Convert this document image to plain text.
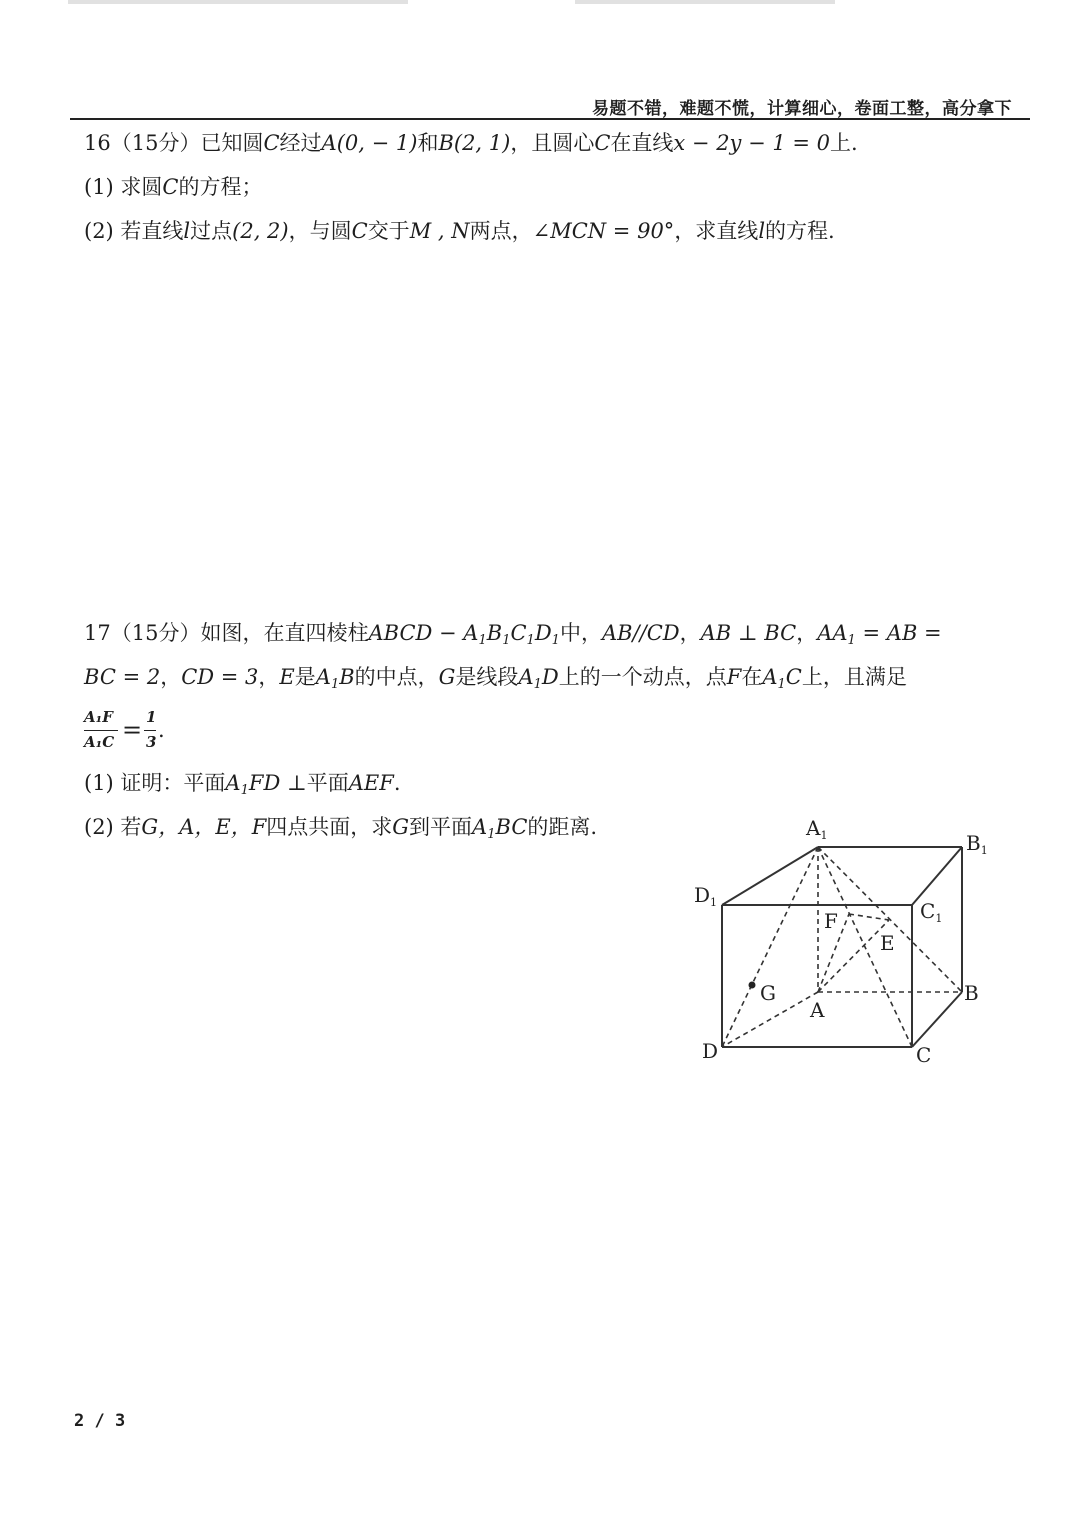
易题不错，难题不慌，计算细心，卷面工整，高分拿下
16（15分）已知圆C经过A(0, − 1)和B(2, 1)，且圆心C在直线x − 2y − 1 = 0上.
(1) 求圆C的方程；
(2) 若直线l过点(2, 2)，与圆C交于M , N两点，∠MCN = 90°，求直线l的方程.
17（15分）如图，在直四棱柱ABCD − $A_1B_1C_1D_1$中，AB//CD，AB ⊥ BC，$AA_1$ = AB =
BC = 2，CD = 3，E是$A_1B$的中点，G是线段$A_1D$上的一个动点，点F在$A_1C$上，且满足
A₁F
A₁C = 1
3 .
(1) 证明：平面$A_1FD$ ⊥平面AEF.
(2) 若G，A，E，F四点共面，求G到平面$A_1BC$的距离.	$A_1$	$B_1$
$C_1$
$D_1$
F
E
G
A
B
C
D
2 / 3
